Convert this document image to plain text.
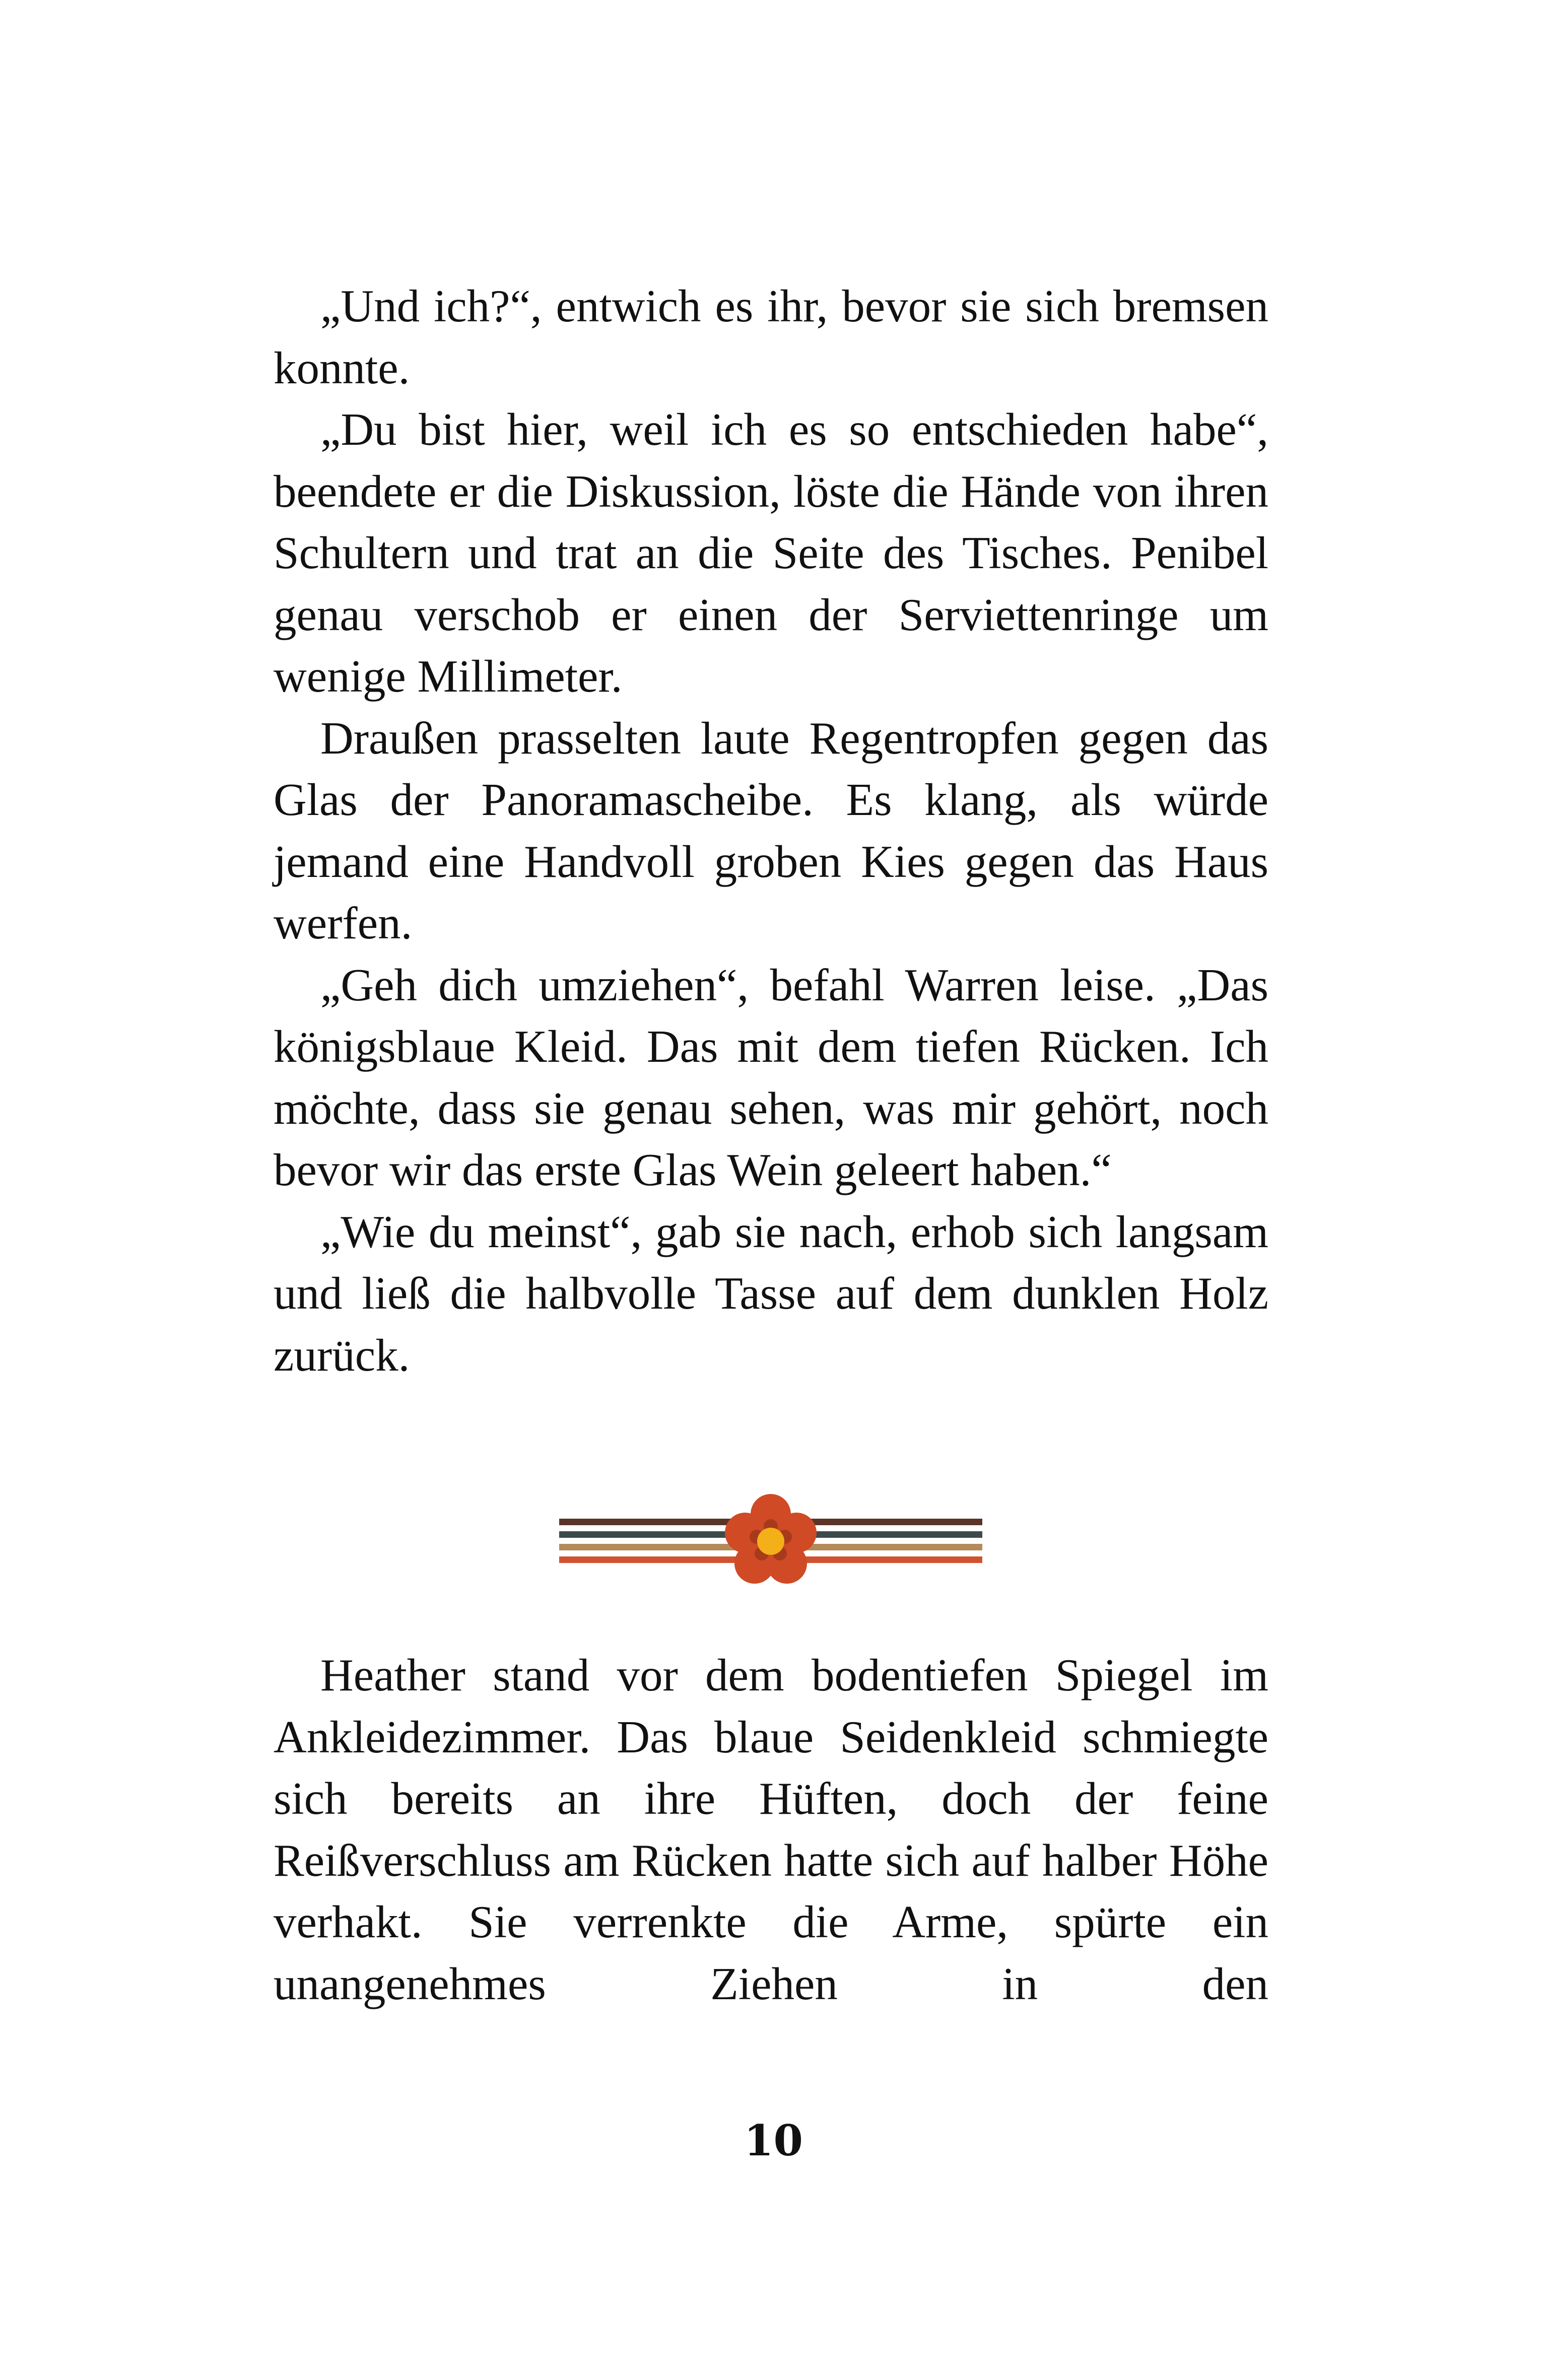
„Und ich?“, entwich es ihr, bevor sie sich bremsen konnte.

„Du bist hier, weil ich es so entschieden habe“, beendete er die Diskussion, löste die Hände von ihren Schultern und trat an die Seite des Tisches. Penibel genau verschob er einen der Serviettenringe um wenige Millimeter.

Draußen prasselten laute Regentropfen gegen das Glas der Panoramascheibe. Es klang, als würde jemand eine Handvoll groben Kies gegen das Haus werfen.

„Geh dich umziehen“, befahl Warren leise. „Das königsblaue Kleid. Das mit dem tiefen Rücken. Ich möchte, dass sie genau sehen, was mir gehört, noch bevor wir das erste Glas Wein geleert haben.“

„Wie du meinst“, gab sie nach, erhob sich langsam und ließ die halbvolle Tasse auf dem dunklen Holz zurück.

Heather stand vor dem bodentiefen Spiegel im Ankleidezimmer. Das blaue Seidenkleid schmiegte sich bereits an ihre Hüften, doch der feine Reißverschluss am Rücken hatte sich auf halber Höhe verhakt. Sie verrenkte die Arme, spürte ein unangenehmes Ziehen in den

10
